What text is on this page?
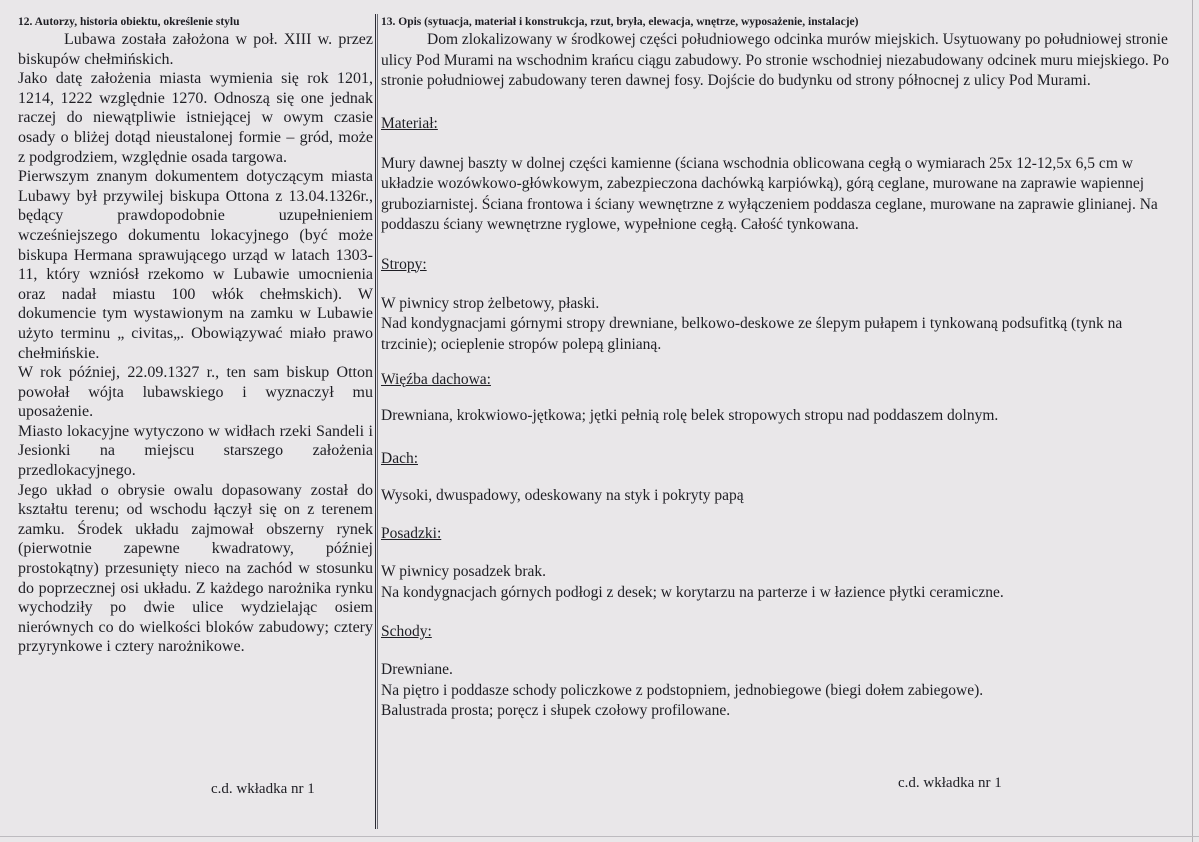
12. Autorzy, historia obiektu, określenie stylu

Lubawa została założona w poł. XIII w. przez biskupów chełmińskich.

Jako datę założenia miasta wymienia się rok 1201, 1214, 1222 względnie 1270. Odnoszą się one jednak raczej do niewątpliwie istniejącej w owym czasie osady o bliżej dotąd nieustalonej formie – gród, może z podgrodziem, względnie osada targowa.

Pierwszym znanym dokumentem dotyczącym miasta Lubawy był przywilej biskupa Ottona z 13.04.1326r., będący prawdopodobnie uzupełnieniem wcześniejszego dokumentu lokacyjnego (być może biskupa Hermana sprawującego urząd w latach 1303-11, który wzniósł rzekomo w Lubawie umocnienia oraz nadał miastu 100 włók chełmskich). W dokumencie tym wystawionym na zamku w Lubawie użyto terminu „ civitas„. Obowiązywać miało prawo chełmińskie.

W rok później, 22.09.1327 r., ten sam biskup Otton powołał wójta lubawskiego i wyznaczył mu uposażenie.

Miasto lokacyjne wytyczono w widłach rzeki Sandeli i Jesionki na miejscu starszego założenia przedlokacyjnego.

Jego układ o obrysie owalu dopasowany został do kształtu terenu; od wschodu łączył się on z terenem zamku. Środek układu zajmował obszerny rynek (pierwotnie zapewne kwadratowy, później prostokątny) przesunięty nieco na zachód w stosunku do poprzecznej osi układu. Z każdego narożnika rynku wychodziły po dwie ulice wydzielając osiem nierównych co do wielkości bloków zabudowy; cztery przyrynkowe i cztery narożnikowe.

c.d. wkładka nr 1
13. Opis (sytuacja, materiał i konstrukcja, rzut, bryła, elewacja, wnętrze, wyposażenie, instalacje)

Dom zlokalizowany w środkowej części południowego odcinka murów miejskich. Usytuowany po południowej stronie ulicy Pod Murami na wschodnim krańcu ciągu zabudowy. Po stronie wschodniej niezabudowany odcinek muru miejskiego. Po stronie południowej zabudowany teren dawnej fosy. Dojście do budynku od strony północnej z ulicy Pod Murami.

Materiał:

Mury dawnej baszty w dolnej części kamienne (ściana wschodnia oblicowana cegłą o wymiarach 25x 12-12,5x 6,5 cm w układzie wozówkowo-główkowym, zabezpieczona dachówką karpiówką), górą ceglane, murowane na zaprawie wapiennej gruboziarnistej. Ściana frontowa i ściany wewnętrzne z wyłączeniem poddasza ceglane, murowane na zaprawie glinianej. Na poddaszu ściany wewnętrzne ryglowe, wypełnione cegłą. Całość tynkowana.

Stropy:

W piwnicy strop żelbetowy, płaski.

Nad kondygnacjami górnymi stropy drewniane, belkowo-deskowe ze ślepym pułapem i tynkowaną podsufitką (tynk na trzcinie); ocieplenie stropów polepą glinianą.

Więźba dachowa:

Drewniana, krokwiowo-jętkowa; jętki pełnią rolę belek stropowych stropu nad poddaszem dolnym.

Dach:

Wysoki, dwuspadowy, odeskowany na styk i pokryty papą

Posadzki:

W piwnicy posadzek brak.

Na kondygnacjach górnych podłogi z desek; w korytarzu na parterze i w łazience płytki ceramiczne.

Schody:

Drewniane.

Na piętro i poddasze schody policzkowe z podstopniem, jednobiegowe (biegi dołem zabiegowe).

Balustrada prosta; poręcz i słupek czołowy profilowane.

c.d. wkładka nr 1
